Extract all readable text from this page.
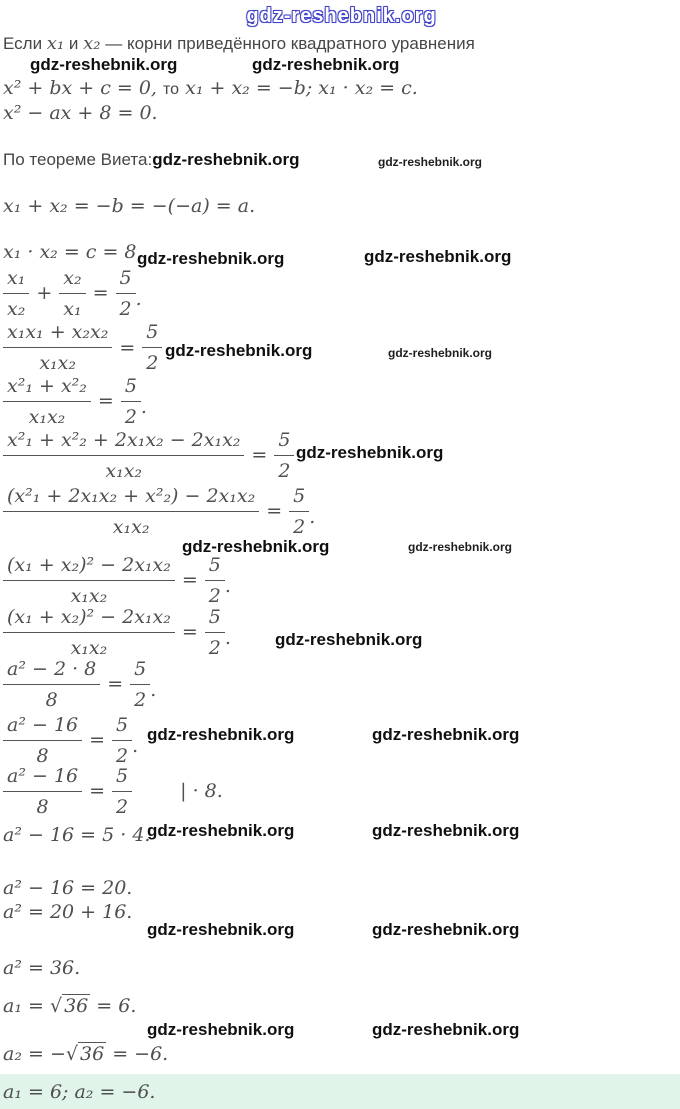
gdz-reshebnik.org
Если x₁ и x₂ — корни приведённого квадратного уравнения
gdz-reshebnik.org	gdz-reshebnik.org
x² + bx + c = 0, то x₁ + x₂ = −b; x₁ · x₂ = c.
x² − ax + 8 = 0.
По теореме Виета:gdz-reshebnik.org	gdz-reshebnik.org
x₁ + x₂ = −b = −(−a) = a.
x₁ · x₂ = c = 8.
gdz-reshebnik.org	gdz-reshebnik.org
$\frac{\text{x₁}}{\text{x₂}} + \frac{\text{x₂}}{\text{x₁}} = \frac{5}{2}$ .
$\frac{\text{x₁x₁ + x₂x₂}}{\text{x₁x₂}} = \frac{5}{2}$ gdz-reshebnik.org	gdz-reshebnik.org
$\frac{\text{x²₁ + x²₂}}{\text{x₁x₂}} = \frac{5}{2}$ .
$\frac{\text{x²₁ + x²₂ + 2x₁x₂ − 2x₁x₂}}{\text{x₁x₂}} = \frac{5}{2}$ gdz-reshebnik.org
$\frac{\text{(x²₁ + 2x₁x₂ + x²₂) − 2x₁x₂}}{\text{x₁x₂}} = \frac{5}{2}$ .
gdz-reshebnik.org	gdz-reshebnik.org
$\frac{\text{(x₁ + x₂)² − 2x₁x₂}}{\text{x₁x₂}} = \frac{5}{2}$ .
$\frac{\text{(x₁ + x₂)² − 2x₁x₂}}{\text{x₁x₂}} = \frac{5}{2}$ .	gdz-reshebnik.org
$\frac{\text{a² − 2 · 8}}{8} = \frac{5}{2}$ .
$\frac{\text{a² − 16}}{8} = \frac{5}{2}$ .
gdz-reshebnik.org	gdz-reshebnik.org
$\frac{\text{a² − 16}}{8} = \frac{5}{2}$	| · 8.
a² − 16 = 5 · 4.
gdz-reshebnik.org	gdz-reshebnik.org
a² − 16 = 20.
a² = 20 + 16.
gdz-reshebnik.org	gdz-reshebnik.org
a² = 36.
a₁ = √ 36 = 6.
gdz-reshebnik.org	gdz-reshebnik.org
a₂ = −√ 36 = −6.
a₁ = 6; a₂ = −6.
